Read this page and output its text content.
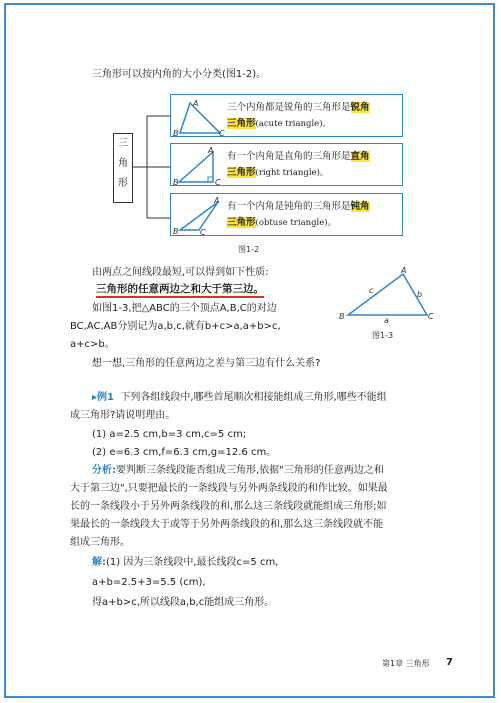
三角形可以按内角的大小分类(图1-2)。
三
角
形
A
B	C
三个内角都是锐角的三角形是锐角
三角形(acute triangle)。
A
B	C
有一个内角是直角的三角形是直角
三角形(right triangle)。
A
B	C
有一个内角是钝角的三角形是钝角
三角形(obtuse triangle)。
图1-2
由两点之间线段最短,可以得到如下性质:
三角形的任意两边之和大于第三边。
如图1-3,把△ABC的三个顶点A,B,C的对边
BC,AC,AB分别记为a,b,c,就有b+c>a,a+b>c,
a+c>b。
A
B	C
a
b
c
图1-3
想一想,三角形的任意两边之差与第三边有什么关系?
▸例1 下列各组线段中,哪些首尾顺次相接能组成三角形,哪些不能组
成三角形?请说明理由。
(1) a=2.5 cm,b=3 cm,c=5 cm;
(2) e=6.3 cm,f=6.3 cm,g=12.6 cm。
分析:要判断三条线段能否组成三角形,依据"三角形的任意两边之和
大于第三边",只要把最长的一条线段与另外两条线段的和作比较。如果最
长的一条线段小于另外两条线段的和,那么这三条线段就能组成三角形;如
果最长的一条线段大于或等于另外两条线段的和,那么这三条线段就不能
组成三角形。
解:(1) 因为三条线段中,最长线段c=5 cm,
a+b=2.5+3=5.5 (cm),
得a+b>c,所以线段a,b,c能组成三角形。
第1章 三角形 7
